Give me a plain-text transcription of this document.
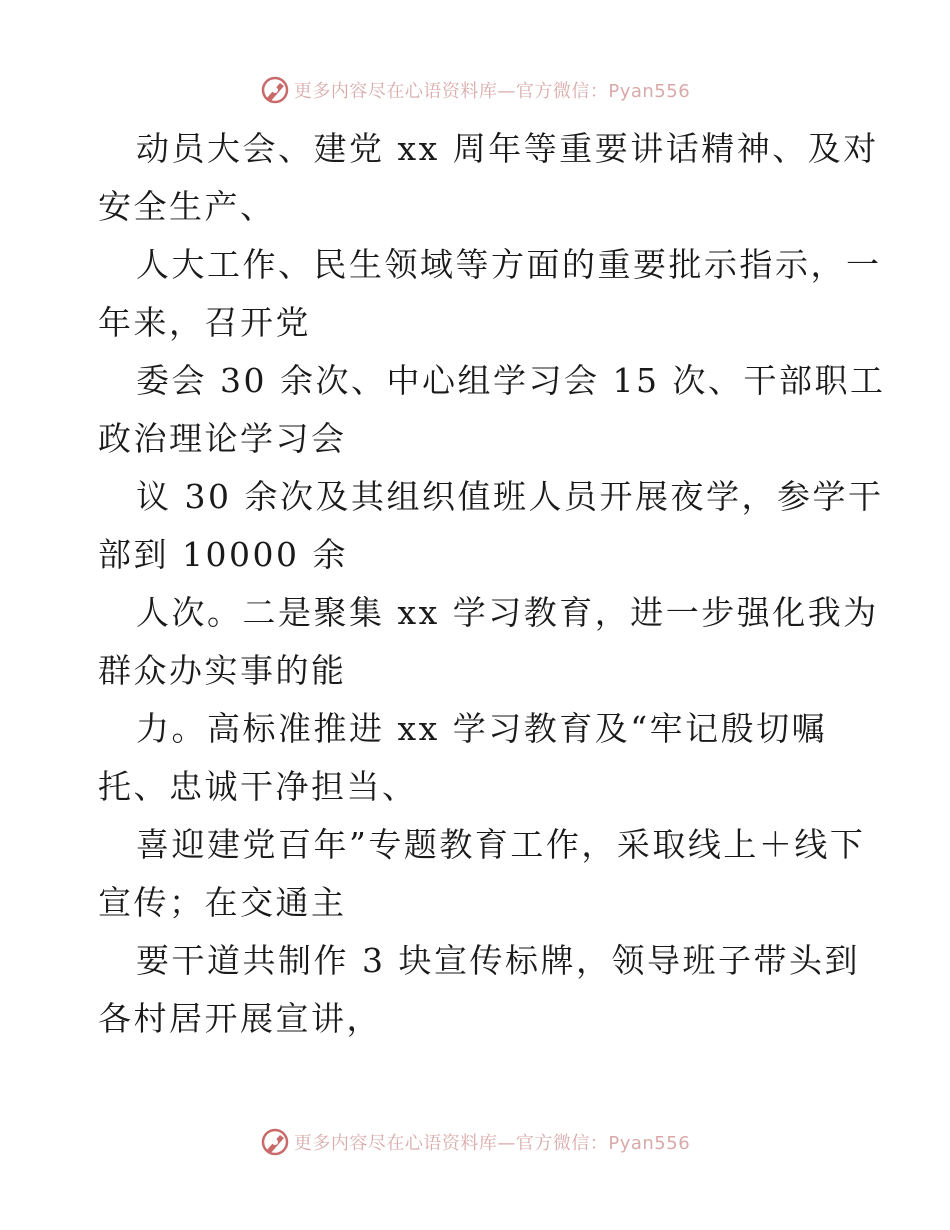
更多内容尽在心语资料库—官方微信：Pyan556
动员大会、建党 xx 周年等重要讲话精神、及对
安全生产、
人大工作、民生领域等方面的重要批示指示，一
年来，召开党
委会 30 余次、中心组学习会 15 次、干部职工
政治理论学习会
议 30 余次及其组织值班人员开展夜学，参学干
部到 10000 余
人次。二是聚集 xx 学习教育，进一步强化我为
群众办实事的能
力。高标准推进 xx 学习教育及“牢记殷切嘱
托、忠诚干净担当、
喜迎建党百年”专题教育工作，采取线上＋线下
宣传；在交通主
要干道共制作 3 块宣传标牌，领导班子带头到
各村居开展宣讲，
更多内容尽在心语资料库—官方微信：Pyan556
